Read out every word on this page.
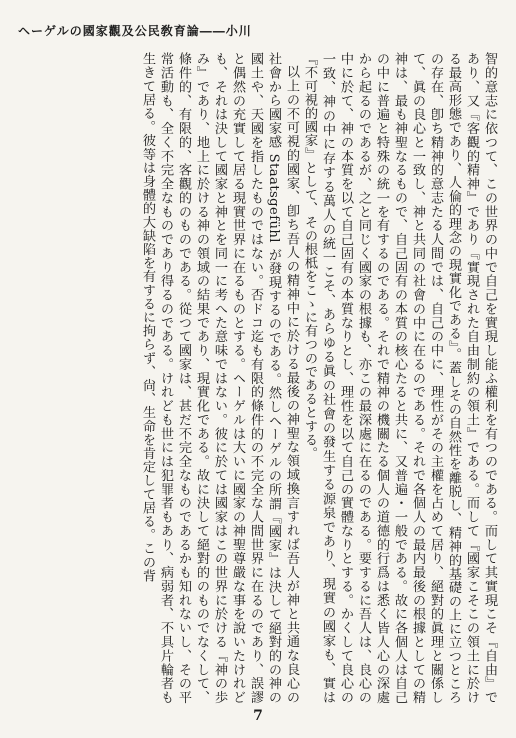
ヘーゲルの國家觀及公民敎育論――小川

智的意志に依つて、この世界の中で自己を實現し能ふ權利を有つのである。而して其實現こそ『自由』であり、又『客觀的精神』であり『實現された自由制約の領土』である。而して『國家こそこの領土に於ける最高形態であり、人倫的理念の現實化である』。蓋しその自然性を離脱し、精神的基礎の上に立つところの存在、卽ち精神的意志たる人間では、自己の中に、理性がその主權を占めて居り、絕對的眞理と關係して、眞の良心と一致し、神と共同の社會の中に在るのである。それで各個人の最内最後の根據としての精神は、最も神聖なるもので、自己固有の本質の核心たると共に、又普遍・一般である。故に各個人は自己の中に普遍と特殊の統一を有するのである。それで精神の機關たる個人の道德的行爲は悉く皆人心の深處から起るのであるが、之と同じく國家の根據も、亦この最深處に在るのである。要するに吾人は、良心の中に於て、神の本質を以て自己固有の本質なりとし、理性を以て自己の實體なりとする。かくして良心の一致、神の中に存する萬人の統一こそ、あらゆる眞の社會の發生する源泉であり、現實の國家も、實は『不可視的國家』として、その根柢をこゝに有つのであるとする。

以上の不可視的國家、卽ち吾人の精神中に於ける最後の神聖な領域換言すれば吾人が神と共通な良心の社會から國家感 Staatsgefühl が發現するのである。然しヘーゲルの所謂『國家』は決して絕對的の神の國土や、天國を指したものではない。否ドコ迄も有限的條件的の不完全な人間世界に在るのであり、誤謬と偶然の充實して居る現實世界に在るものとする。ヘーゲルは大いに國家の神聖尊嚴な事を說いたけれども、それは決して國家と神とを同一に考へた意味ではない。彼に於ては國家はこの世界に於ける『神の歩み』であり、地上に於ける神の領域の結果であり、現實化である。故に決して絕對的のものでなくして、條件的、有限的、客觀的のものである。從つて國家は、甚だ不完全なものであるかも知れないし、その平常活動も、全く不完全なものであり得るのである。けれども世には犯罪者もあり、病弱者、不具片輪者も生きて居る。彼等は身體的大缺陷を有するに拘らず、尙、生命を肯定して居る。この背

7
